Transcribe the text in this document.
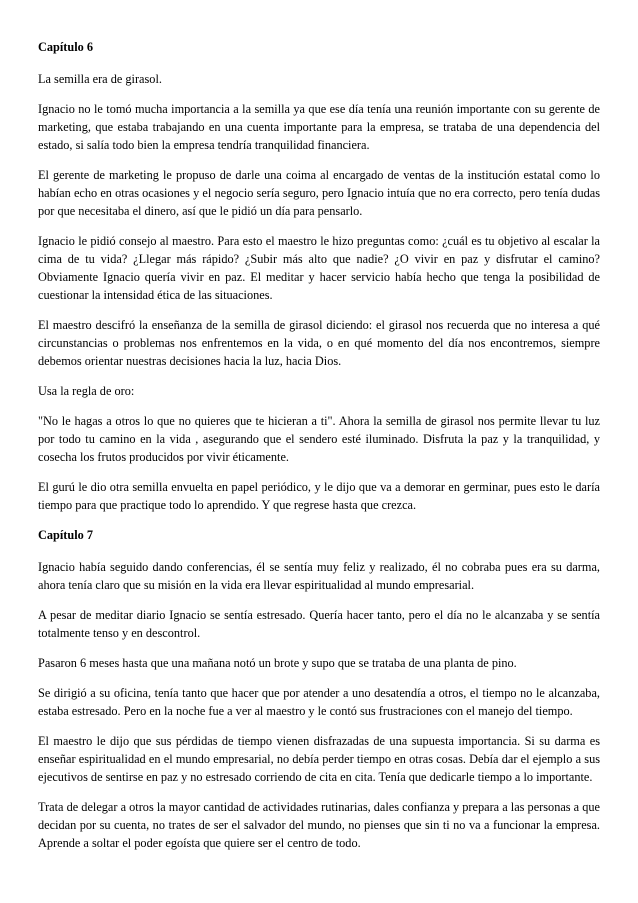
Capítulo 6
La semilla era de girasol.
Ignacio no le tomó mucha importancia a la semilla ya que ese día tenía una reunión importante con su gerente de marketing, que estaba trabajando en una cuenta importante para la empresa, se trataba de una dependencia del estado, si salía todo bien la empresa tendría tranquilidad financiera.
El gerente de marketing le propuso de darle una coima al encargado de ventas de la institución estatal como lo habían echo en otras ocasiones y el negocio sería seguro, pero Ignacio intuía que no era correcto, pero tenía dudas por que necesitaba el dinero, así que le pidió un día para pensarlo.
Ignacio le pidió consejo al maestro. Para esto el maestro le hizo preguntas como: ¿cuál es tu objetivo al escalar la cima de tu vida? ¿Llegar más rápido? ¿Subir más alto que nadie? ¿O vivir en paz y disfrutar el camino? Obviamente Ignacio quería vivir en paz. El meditar y hacer servicio había hecho que tenga la posibilidad de cuestionar la intensidad ética de las situaciones.
El maestro descifró la enseñanza de la semilla de girasol diciendo: el girasol nos recuerda que no interesa a qué circunstancias o problemas nos enfrentemos en la vida, o en qué momento del día nos encontremos, siempre debemos orientar nuestras decisiones hacia la luz, hacia Dios.
Usa la regla de oro:
"No le hagas a otros lo que no quieres que te hicieran a ti". Ahora la semilla de girasol nos permite llevar tu luz por todo tu camino en la vida , asegurando que el sendero esté iluminado. Disfruta la paz y la tranquilidad, y cosecha los frutos producidos por vivir éticamente.
El gurú le dio otra semilla envuelta en papel periódico, y le dijo que va a demorar en germinar, pues esto le daría tiempo para que practique todo lo aprendido. Y que regrese hasta que crezca.
Capítulo 7
Ignacio había seguido dando conferencias, él se sentía muy feliz y realizado, él no cobraba pues era su darma, ahora tenía claro que su misión en la vida era llevar espiritualidad al mundo empresarial.
A pesar de meditar diario Ignacio se sentía estresado. Quería hacer tanto, pero el día no le alcanzaba y se sentía totalmente tenso y en descontrol.
Pasaron 6 meses hasta que una mañana notó un brote y supo que se trataba de una planta de pino.
Se dirigió a su oficina, tenía tanto que hacer que por atender a uno desatendía a otros, el tiempo no le alcanzaba, estaba estresado. Pero en la noche fue a ver al maestro y le contó sus frustraciones con el manejo del tiempo.
El maestro le dijo que sus pérdidas de tiempo vienen disfrazadas de una supuesta importancia. Si su darma es enseñar espiritualidad en el mundo empresarial, no debía perder tiempo en otras cosas. Debía dar el ejemplo a sus ejecutivos de sentirse en paz y no estresado corriendo de cita en cita. Tenía que dedicarle tiempo a lo importante.
Trata de delegar a otros la mayor cantidad de actividades rutinarias, dales confianza y prepara a las personas a que decidan por su cuenta, no trates de ser el salvador del mundo, no pienses que sin ti no va a funcionar la empresa. Aprende a soltar el poder egoísta que quiere ser el centro de todo.
